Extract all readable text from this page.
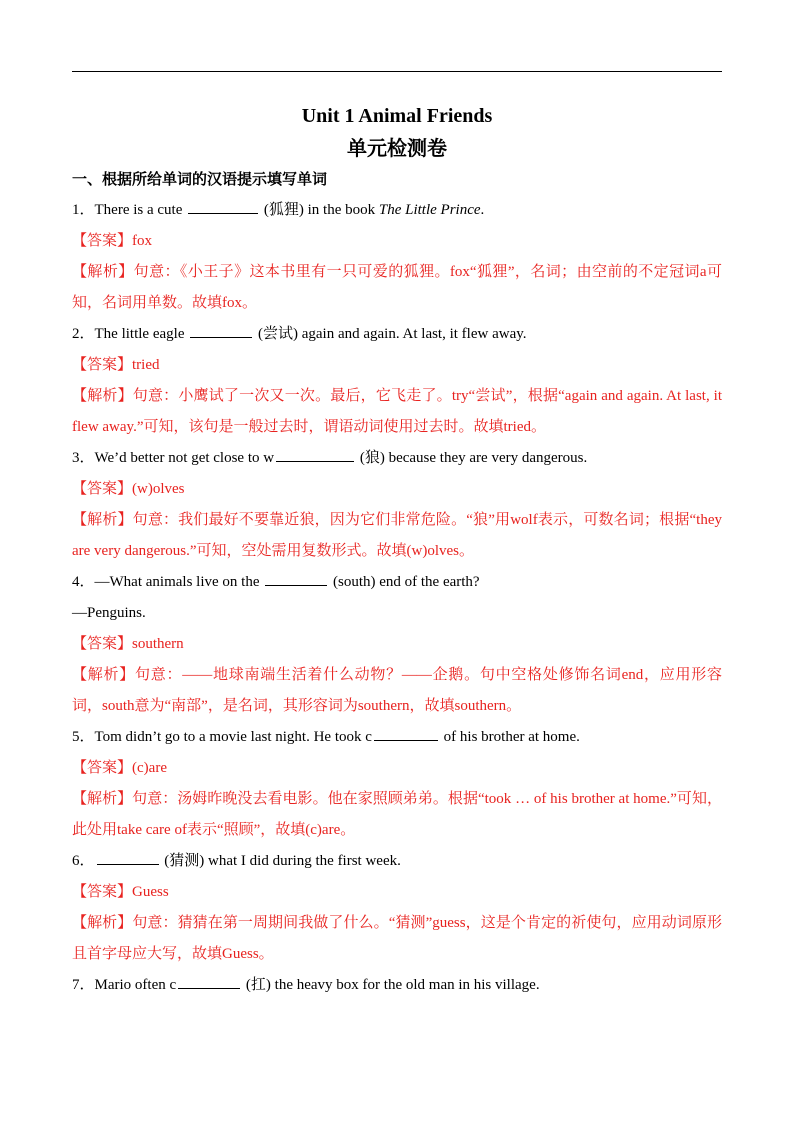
Unit 1 Animal Friends

单元检测卷

一、根据所给单词的汉语提示填写单词

1．There is a cute	(狐狸) in the book The Little Prince.

【答案】fox

【解析】句意：《小王子》这本书里有一只可爱的狐狸。fox“狐狸”，名词；由空前的不定冠词a可知，名词用单数。故填fox。

2．The little eagle	(尝试) again and again. At last, it flew away.

【答案】tried

【解析】句意：小鹰试了一次又一次。最后，它飞走了。try“尝试”，根据“again and again. At last, it flew away.”可知，该句是一般过去时，谓语动词使用过去时。故填tried。

3．We’d better not get close to w	(狼) because they are very dangerous.

【答案】(w)olves

【解析】句意：我们最好不要靠近狼，因为它们非常危险。“狼”用wolf表示，可数名词；根据“they are very dangerous.”可知，空处需用复数形式。故填(w)olves。

4．—What animals live on the	(south) end of the earth?

—Penguins.

【答案】southern

【解析】句意：——地球南端生活着什么动物？——企鹅。句中空格处修饰名词end，应用形容词，south意为“南部”，是名词，其形容词为southern，故填southern。

5．Tom didn’t go to a movie last night. He took c	of his brother at home.

【答案】(c)are

【解析】句意：汤姆昨晚没去看电影。他在家照顾弟弟。根据“took … of his brother at home.”可知，此处用take care of表示“照顾”，故填(c)are。

6．	(猜测) what I did during the first week.

【答案】Guess

【解析】句意：猜猜在第一周期间我做了什么。“猜测”guess，这是个肯定的祈使句，应用动词原形且首字母应大写，故填Guess。

7．Mario often c	(扛) the heavy box for the old man in his village.
